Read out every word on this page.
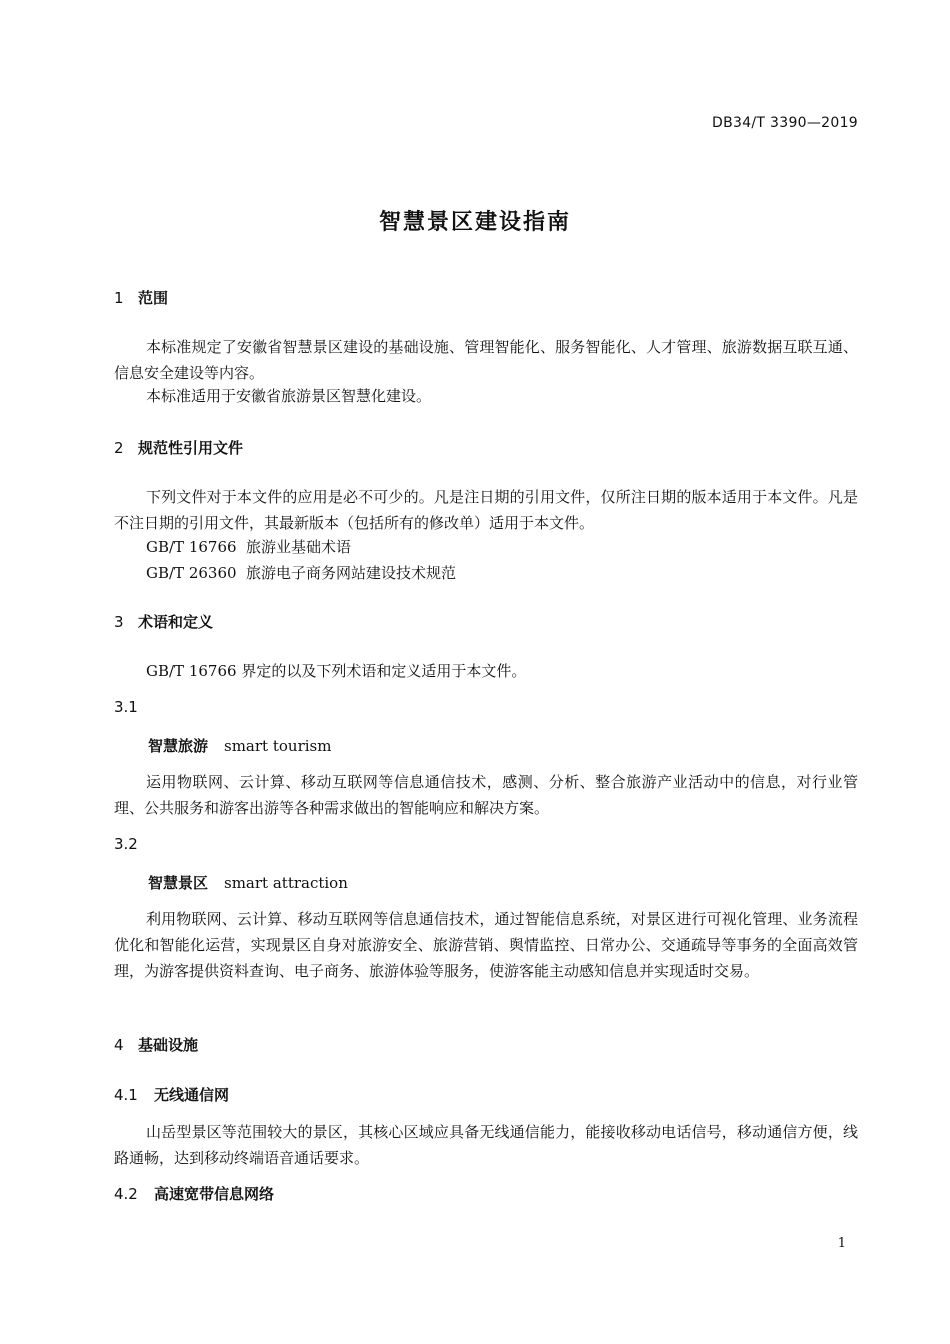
DB34/T 3390—2019
智慧景区建设指南
1 范围
本标准规定了安徽省智慧景区建设的基础设施、管理智能化、服务智能化、人才管理、旅游数据互联互通、信息安全建设等内容。
本标准适用于安徽省旅游景区智慧化建设。
2 规范性引用文件
下列文件对于本文件的应用是必不可少的。凡是注日期的引用文件，仅所注日期的版本适用于本文件。凡是不注日期的引用文件，其最新版本（包括所有的修改单）适用于本文件。
GB/T 16766 旅游业基础术语
GB/T 26360 旅游电子商务网站建设技术规范
3 术语和定义
GB/T 16766 界定的以及下列术语和定义适用于本文件。
3.1
智慧旅游 smart tourism
运用物联网、云计算、移动互联网等信息通信技术，感测、分析、整合旅游产业活动中的信息，对行业管理、公共服务和游客出游等各种需求做出的智能响应和解决方案。
3.2
智慧景区 smart attraction
利用物联网、云计算、移动互联网等信息通信技术，通过智能信息系统，对景区进行可视化管理、业务流程优化和智能化运营，实现景区自身对旅游安全、旅游营销、舆情监控、日常办公、交通疏导等事务的全面高效管理，为游客提供资料查询、电子商务、旅游体验等服务，使游客能主动感知信息并实现适时交易。
4 基础设施
4.1 无线通信网
山岳型景区等范围较大的景区，其核心区域应具备无线通信能力，能接收移动电话信号，移动通信方便，线路通畅，达到移动终端语音通话要求。
4.2 高速宽带信息网络
1
